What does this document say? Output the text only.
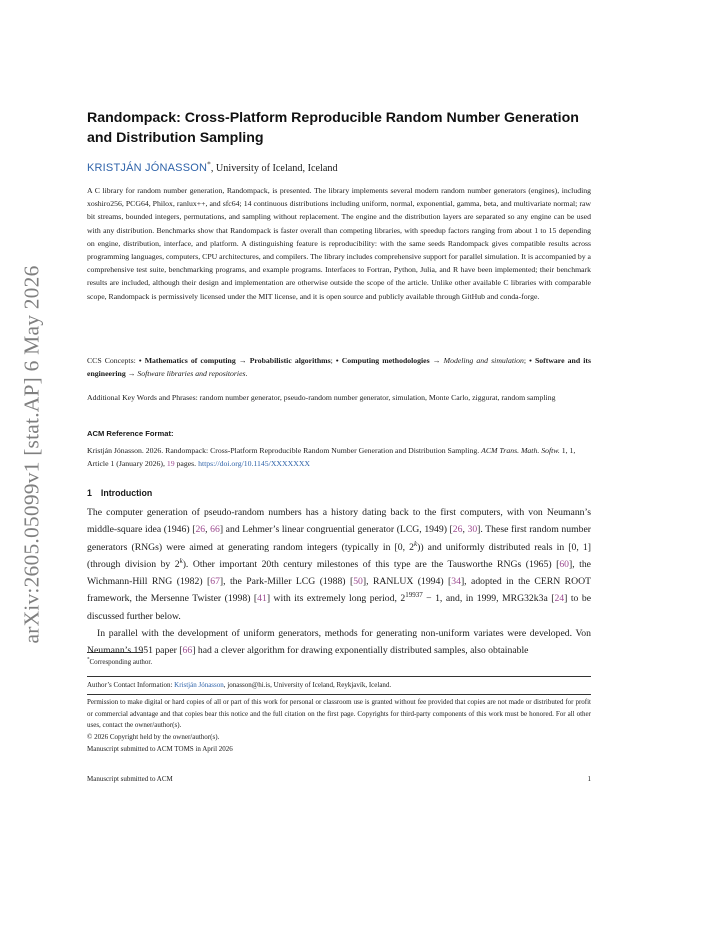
arXiv:2605.05099v1 [stat.AP] 6 May 2026
Randompack: Cross-Platform Reproducible Random Number Generation and Distribution Sampling
KRISTJÁN JÓNASSON*, University of Iceland, Iceland
A C library for random number generation, Randompack, is presented. The library implements several modern random number generators (engines), including xoshiro256, PCG64, Philox, ranlux++, and sfc64; 14 continuous distributions including uniform, normal, exponential, gamma, beta, and multivariate normal; raw bit streams, bounded integers, permutations, and sampling without replacement. The engine and the distribution layers are separated so any engine can be used with any distribution. Benchmarks show that Randompack is faster overall than competing libraries, with speedup factors ranging from about 1 to 15 depending on engine, distribution, interface, and platform. A distinguishing feature is reproducibility: with the same seeds Randompack gives compatible results across programming languages, computers, CPU architectures, and compilers. The library includes comprehensive support for parallel simulation. It is accompanied by a comprehensive test suite, benchmarking programs, and example programs. Interfaces to Fortran, Python, Julia, and R have been implemented; their benchmark results are included, although their design and implementation are otherwise outside the scope of the article. Unlike other available C libraries with comparable scope, Randompack is permissively licensed under the MIT license, and it is open source and publicly available through GitHub and conda-forge.
CCS Concepts: • Mathematics of computing → Probabilistic algorithms; • Computing methodologies → Modeling and simulation; • Software and its engineering → Software libraries and repositories.
Additional Key Words and Phrases: random number generator, pseudo-random number generator, simulation, Monte Carlo, ziggurat, random sampling
ACM Reference Format:
Kristján Jónasson. 2026. Randompack: Cross-Platform Reproducible Random Number Generation and Distribution Sampling. ACM Trans. Math. Softw. 1, 1, Article 1 (January 2026), 19 pages. https://doi.org/10.1145/XXXXXXX
1 Introduction

The computer generation of pseudo-random numbers has a history dating back to the first computers, with von Neumann’s middle-square idea (1946) [26, 66] and Lehmer’s linear congruential generator (LCG, 1949) [26, 30]. These first random number generators (RNGs) were aimed at generating random integers (typically in [0, 2$^k$)) and uniformly distributed reals in [0, 1] (through division by 2$^k$). Other important 20th century milestones of this type are the Tausworthe RNGs (1965) [60], the Wichmann-Hill RNG (1982) [67], the Park-Miller LCG (1988) [50], RANLUX (1994) [34], adopted in the CERN ROOT framework, the Mersenne Twister (1998) [41] with its extremely long period, $2^{19937} - 1$, and, in 1999, MRG32k3a [24] to be discussed further below.

In parallel with the development of uniform generators, methods for generating non-uniform variates were developed. Von Neumann’s 1951 paper [66] had a clever algorithm for drawing exponentially distributed samples, also obtainable

*Corresponding author.
Author’s Contact Information: Kristján Jónasson, jonasson@hi.is, University of Iceland, Reykjavík, Iceland.
Permission to make digital or hard copies of all or part of this work for personal or classroom use is granted without fee provided that copies are not made or distributed for profit or commercial advantage and that copies bear this notice and the full citation on the first page. Copyrights for third-party components of this work must be honored. For all other uses, contact the owner/author(s).
© 2026 Copyright held by the owner/author(s).
Manuscript submitted to ACM TOMS in April 2026
Manuscript submitted to ACM	1
